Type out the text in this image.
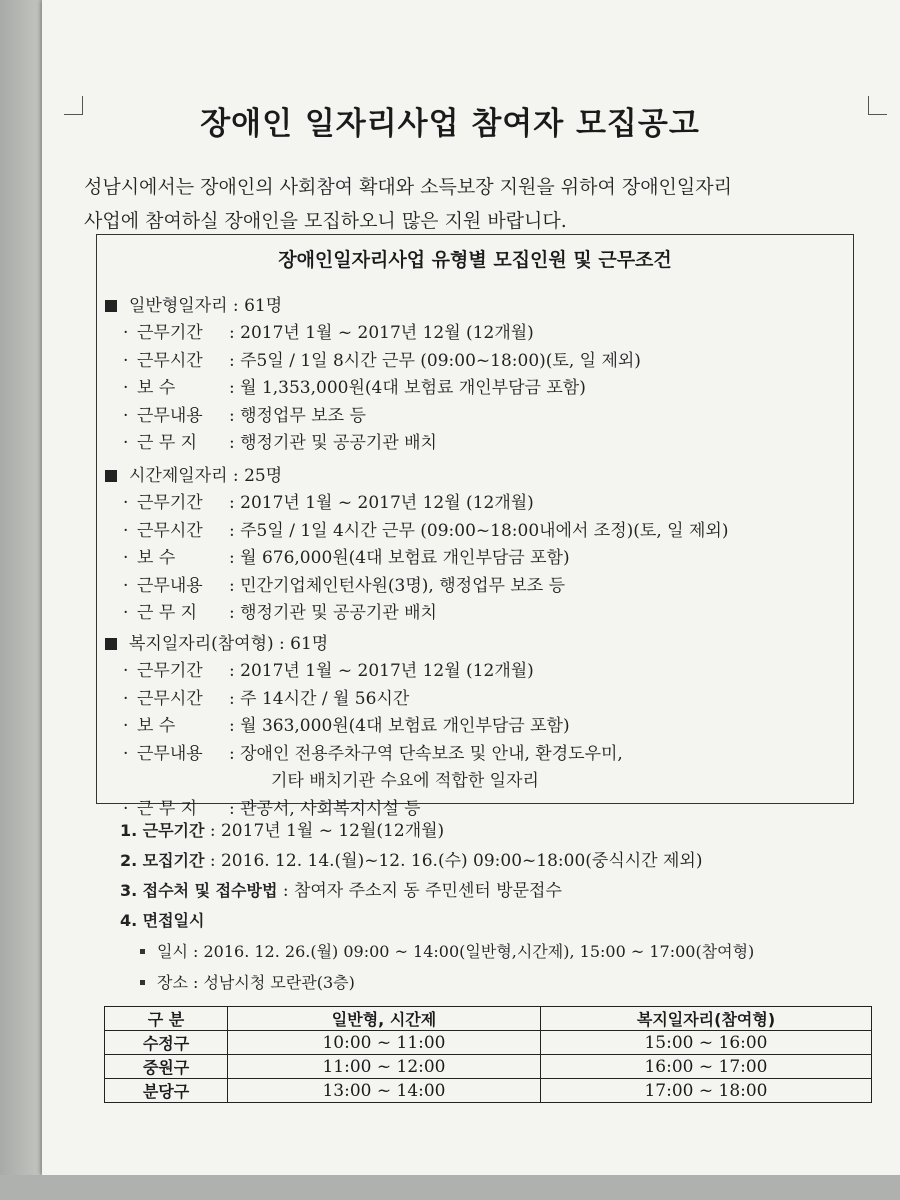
장애인 일자리사업 참여자 모집공고

성남시에서는 장애인의 사회참여 확대와 소득보장 지원을 위하여 장애인일자리

사업에 참여하실 장애인을 모집하오니 많은 지원 바랍니다.

장애인일자리사업 유형별 모집인원 및 근무조건
일반형일자리 : 61명
· 근무기간 : 2017년 1월 ~ 2017년 12월 (12개월)
· 근무시간 : 주5일 / 1일 8시간 근무 (09:00~18:00)(토, 일 제외)
· 보 수	: 월 1,353,000원(4대 보험료 개인부담금 포함)
· 근무내용 : 행정업무 보조 등
· 근 무 지 : 행정기관 및 공공기관 배치
시간제일자리 : 25명
· 근무기간 : 2017년 1월 ~ 2017년 12월 (12개월)
· 근무시간 : 주5일 / 1일 4시간 근무 (09:00~18:00내에서 조정)(토, 일 제외)
· 보 수	: 월 676,000원(4대 보험료 개인부담금 포함)
· 근무내용 : 민간기업체인턴사원(3명), 행정업무 보조 등
· 근 무 지 : 행정기관 및 공공기관 배치
복지일자리(참여형) : 61명
· 근무기간 : 2017년 1월 ~ 2017년 12월 (12개월)
· 근무시간 : 주 14시간 / 월 56시간
· 보 수	: 월 363,000원(4대 보험료 개인부담금 포함)
· 근무내용 : 장애인 전용주차구역 단속보조 및 안내, 환경도우미,
기타 배치기관 수요에 적합한 일자리
· 근 무 지 : 관공서, 사회복지시설 등
1. 근무기간 : 2017년 1월 ~ 12월(12개월)
2. 모집기간 : 2016. 12. 14.(월)~12. 16.(수) 09:00~18:00(중식시간 제외)
3. 접수처 및 접수방법 : 참여자 주소지 동 주민센터 방문접수
4. 면접일시
일시 : 2016. 12. 26.(월) 09:00 ~ 14:00(일반형,시간제), 15:00 ~ 17:00(참여형)
장소 : 성남시청 모란관(3층)
구 분	일반형, 시간제	복지일자리(참여형)
수정구	10:00 ~ 11:00	15:00 ~ 16:00
중원구	11:00 ~ 12:00	16:00 ~ 17:00
분당구	13:00 ~ 14:00	17:00 ~ 18:00
